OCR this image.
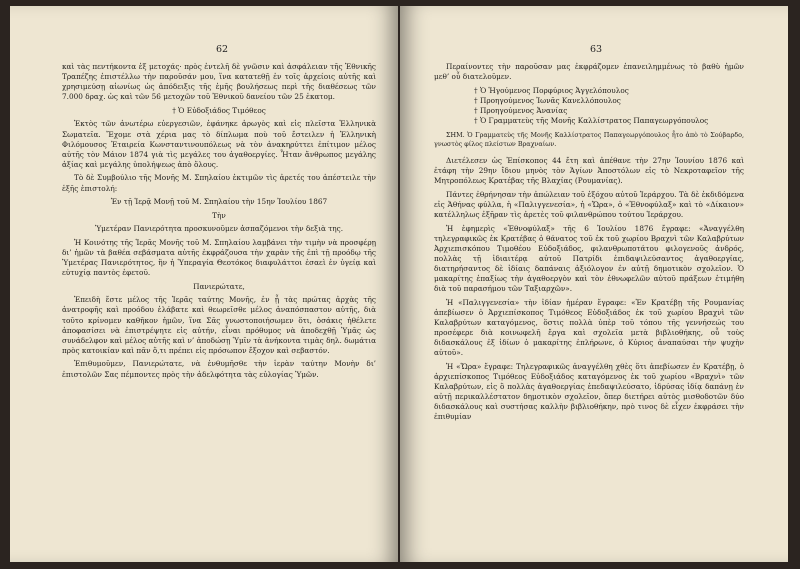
62

καὶ τὰς πεντήκοντα ἐξ μετοχάς· πρὸς ἐντελῆ δὲ γνῶσιν καὶ ἀσφάλειαν τῆς Ἐθνικῆς Τραπέζης ἐπιστέλλω τὴν παροῦσάν μου, ἵνα κατατεθῇ ἐν τοῖς ἀρχείοις αὐτῆς καὶ χρησιμεύσῃ αἰωνίως ὡς ἀπόδειξις τῆς ἐμῆς βουλήσεως περὶ τῆς διαθέσεως τῶν 7.000 δραχ. ὡς καὶ τῶν 56 μετοχῶν τοῦ Ἐθνικοῦ δανείου τῶν 25 ἑκατομ.

† Ὁ Εὐδοξιάδος Τιμόθεος

Ἐκτὸς τῶν ἀνωτέρω εὐεργεσιῶν, ἐφάνηκε ἀρωγὸς καὶ εἰς πλεῖστα Ἑλληνικὰ Σωματεῖα. Ἔχομε στὰ χέρια μας τὸ δίπλωμα ποὺ τοῦ ἔστειλεν ἡ Ἑλληνικὴ Φιλόμουσος Ἑταιρεία Κωνσταντινουπόλεως νὰ τὸν ἀνακηρύττει ἐπίτιμον μέλος αὐτῆς τὸν Μάιον 1874 γιὰ τὶς μεγάλες του ἀγαθοεργίες. Ἦταν ἄνθρωπος μεγάλης ἀξίας καὶ μεγάλης ὑπολήψεως ἀπὸ ὅλους.

Τὸ δὲ Συμβούλιο τῆς Μονῆς Μ. Σπηλαίου ἐκτιμῶν τὶς ἀρετές του ἀπέστειλε τὴν ἑξῆς ἐπιστολή:

Ἐν τῇ Ἱερᾷ Μονῇ τοῦ Μ. Σπηλαίου τὴν 15ην Ἰουλίου 1867

Τὴν

Ὑμετέραν Πανιερότητα προσκυνοῦμεν ἀσπαζόμενοι τὴν δεξιὰ της.

Ἡ Κοινότης τῆς Ἱερᾶς Μονῆς τοῦ Μ. Σπηλαίου λαμβάνει τὴν τιμὴν νὰ προσφέρῃ δι’ ἡμῶν τὰ βαθέα σεβάσματα αὐτῆς ἐκφράζουσα τὴν χαρὰν τῆς ἐπὶ τῇ προόδῳ τῆς Ὑμετέρας Πανιερότητος, ἣν ἡ Ὑπεραγία Θεοτόκος διαφυλάττοι ἐσαεὶ ἐν ὑγείᾳ καὶ εὐτυχίᾳ παντὸς ἐφετοῦ.

Πανιερώτατε,

Ἐπειδὴ ἔστε μέλος τῆς Ἱερᾶς ταύτης Μονῆς, ἐν ᾗ τὰς πρώτας ἀρχὰς τῆς ἀνατροφῆς καὶ προόδου ἐλάβατε καὶ θεωρεῖσθε μέλος ἀναπόσπαστον αὐτῆς, διὰ τοῦτο κρίνομεν καθῆκον ἡμῶν, ἵνα Σᾶς γνωστοποιήσωμεν ὅτι, ὁσάκις ἠθέλετε ἀποφασίσει νὰ ἐπιστρέψητε εἰς αὐτήν, εἶναι πρόθυμος νὰ ἀποδεχθῇ Ὑμᾶς ὡς συνάδελφον καὶ μέλος αὐτῆς καὶ ν’ ἀποδώσῃ Ὑμῖν τὰ ἀνήκοντα τιμὰς δηλ. δωμάτια πρὸς κατοικίαν καὶ πᾶν ὅ,τι πρέπει εἰς πρόσωπον ἔξοχον καὶ σεβαστόν.

Ἐπιθυμοῦμεν, Πανιερώτατε, νὰ ἐνθυμῆσθε τὴν ἱερὰν ταύτην Μονὴν δι’ ἐπιστολῶν Σας πέμποντες πρὸς τὴν ἀδελφότητα τὰς εὐλογίας Ὑμῶν.

63

Περαίνοντες τὴν παροῦσαν μας ἐκφράζομεν ἐπανειλημμένως τὸ βαθὺ ἡμῶν μεθ’ οὗ διατελοῦμεν.

† Ὁ Ἡγούμενος Πορφύριος Ἀγγελόπουλος

† Προηγούμενος Ἰωνᾶς Κανελλόπουλος

† Προηγούμενος Ἀνανίας

† Ὁ Γραμματεὺς τῆς Μονῆς Καλλίστρατος Παπαγεωργόπουλος

ΣΗΜ. Ὁ Γραμματεὺς τῆς Μονῆς Καλλίστρατος Παπαγεωργόπουλος ἦτο ἀπὸ τὸ Σούβαρδο, γνωστὸς φίλος πλείστων Βραχναίων.

Διετέλεσεν ὡς Ἐπίσκοπος 44 ἔτη καὶ ἀπέθανε τὴν 27ην Ἰουνίου 1876 καὶ ἐτάφη τὴν 29ην ἴδιου μηνὸς τὸν Ἁγίων Ἀποστόλων εἰς τὸ Νεκροταφεῖον τῆς Μητροπόλεως Κρατέβας τῆς Βλαχίας (Ρουμανίας).

Πάντες ἐθρήνησαν τὴν ἀπώλειαν τοῦ ἐξόχου αὐτοῦ Ἱεράρχου. Τὰ δὲ ἐκδιδόμενα εἰς Ἀθήνας φύλλα, ἡ «Παλιγγενεσία», ἡ «Ὥρα», ὁ «Ἐθνοφύλαξ» καὶ τὸ «Δίκαιον» κατέλληλως ἐξῆραν τὶς ἀρετὲς τοῦ φιλανθρώπου τούτου Ἱεράρχου.

Ἡ ἐφημερὶς «Ἐθνοφύλαξ» τῆς 6 Ἰουλίου 1876 ἔγραφε: «Ἀναγγέλθη τηλεγραφικῶς ἐκ Κρατέβας ὁ θάνατος τοῦ ἐκ τοῦ χωρίου Βραχνὶ τῶν Καλαβρύτων Ἀρχιεπισκόπου Τιμοθέου Εὐδοξιάδος, φιλανθρωποτάτου φιλογενοῦς ἀνδρός, πολλὰς τῇ ἰδιαιτέρᾳ αὐτοῦ Πατρίδι ἐπιδαψιλεύσαντος ἀγαθοεργίας, διατηρήσαντος δὲ ἰδίαις δαπάναις ἀξιόλογον ἐν αὐτῇ δημοτικὸν σχολεῖον. Ὁ μακαρίτης ἐπαξίως τὴν ἀγαθοεργὸν καὶ τὸν ἐθνωφελῶν αὐτοῦ πράξεων ἐτιμήθη διὰ τοῦ παρασήμου τῶν Ταξιαρχῶν».

Ἡ «Παλιγγενεσία» τὴν ἰδίαν ἡμέραν ἔγραφε: «Ἐν Κρατέβῃ τῆς Ρουμανίας ἀπεβίωσεν ὁ Ἀρχιεπίσκοπος Τιμόθεος Εὐδοξιάδος ἐκ τοῦ χωρίου Βραχνὶ τῶν Καλαβρύτων καταγόμενος, ὅστις πολλὰ ὑπὲρ τοῦ τόπου τῆς γεννήσεώς του προσέφερε διὰ κοινωφελῆ ἔργα καὶ σχολεῖα μετὰ βιβλιοθήκης, οὗ τοὺς διδασκάλους ἐξ ἰδίων ὁ μακαρίτης ἐπλήρωνε, ὁ Κύριος ἀναπαύσαι τὴν ψυχὴν αὐτοῦ».

Ἡ «Ὥρα» ἔγραφε: Τηλεγραφικῶς ἀναγγέλθη χθὲς ὅτι ἀπεβίωσεν ἐν Κρατέβῃ, ὁ ἀρχιεπίσκοπος Τιμόθεος Εὐδοξιάδος καταγόμενος ἐκ τοῦ χωρίου «Βραχνὶ» τῶν Καλαβρύτων, εἰς ὃ πολλὰς ἀγαθοεργίας ἐπεδαψιλεύσατο, ἱδρύσας ἰδίᾳ δαπάνῃ ἐν αὐτῇ περικαλλέστατον δημοτικὸν σχολεῖον, ὅπερ διετήρει αὐτὸς μισθοδοτῶν δύο διδασκάλους καὶ συστήσας καλλὴν βιβλιοθήκην, πρὸ τινος δὲ εἶχεν ἐκφράσει τὴν ἐπιθυμίαν
